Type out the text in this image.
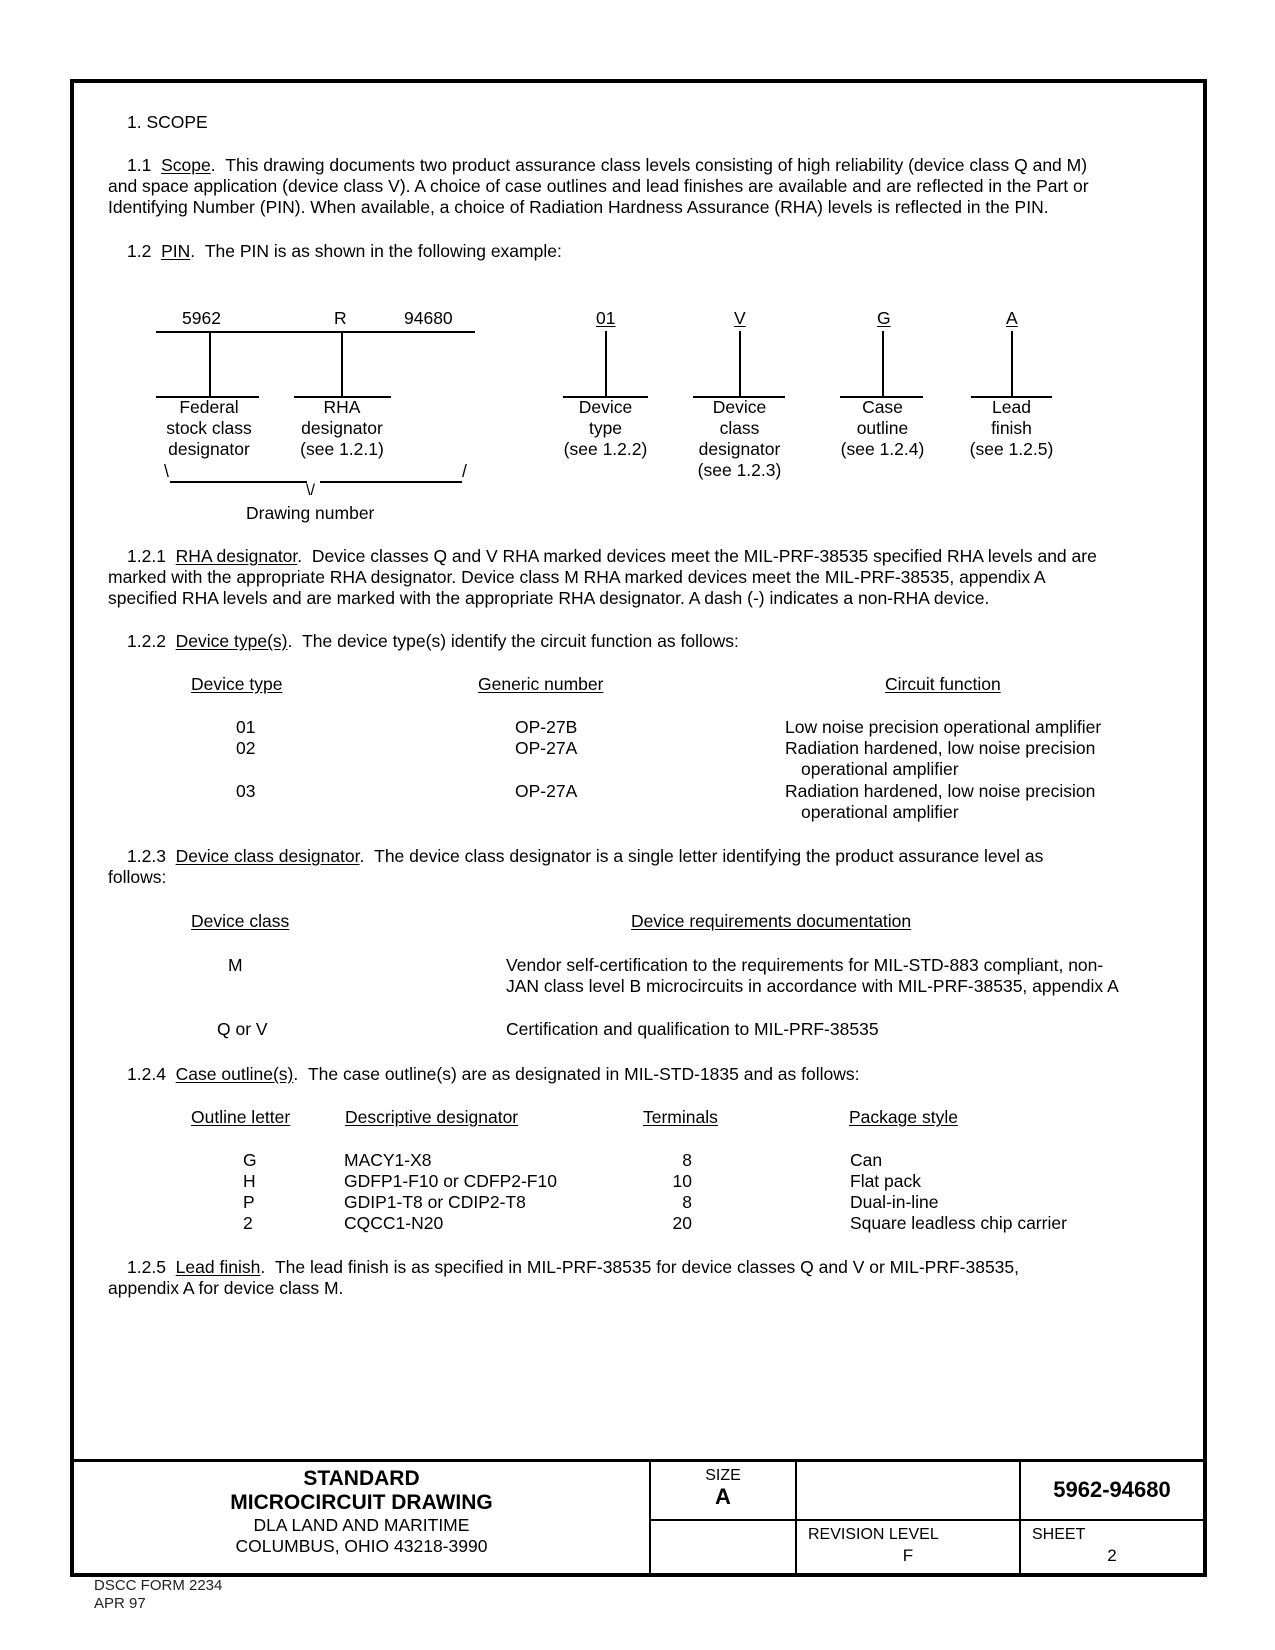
1. SCOPE
1.1 Scope.  This drawing documents two product assurance class levels consisting of high reliability (device class Q and M)
and space application (device class V). A choice of case outlines and lead finishes are available and are reflected in the Part or
Identifying Number (PIN). When available, a choice of Radiation Hardness Assurance (RHA) levels is reflected in the PIN.
1.2 PIN.  The PIN is as shown in the following example:
5962	R	94680	01	V	G	A
Federal
stock class
designator
RHA
designator
(see 1.2.1)
Device
type
(see 1.2.2)
Device
class
designator
(see 1.2.3)
Case
outline
(see 1.2.4)
Lead
finish
(see 1.2.5)
\	/
\/
Drawing number
1.2.1 RHA designator.  Device classes Q and V RHA marked devices meet the MIL-PRF-38535 specified RHA levels and are
marked with the appropriate RHA designator. Device class M RHA marked devices meet the MIL-PRF-38535, appendix A
specified RHA levels and are marked with the appropriate RHA designator. A dash (-) indicates a non-RHA device.
1.2.2 Device type(s).  The device type(s) identify the circuit function as follows:
Device type	Generic number	Circuit function
01	OP-27B	Low noise precision operational amplifier
02	OP-27A	Radiation hardened, low noise precision
operational amplifier
03	OP-27A	Radiation hardened, low noise precision
operational amplifier
1.2.3 Device class designator.  The device class designator is a single letter identifying the product assurance level as
follows:
Device class	Device requirements documentation
M	Vendor self-certification to the requirements for MIL-STD-883 compliant, non-
JAN class level B microcircuits in accordance with MIL-PRF-38535, appendix A
Q or V	Certification and qualification to MIL-PRF-38535
1.2.4 Case outline(s).  The case outline(s) are as designated in MIL-STD-1835 and as follows:
Outline letter	Descriptive designator	Terminals	Package style
G	MACY1-X8	8	Can
H	GDFP1-F10 or CDFP2-F10	10	Flat pack
P	GDIP1-T8 or CDIP2-T8	8	Dual-in-line
2	CQCC1-N20	20	Square leadless chip carrier
1.2.5 Lead finish.  The lead finish is as specified in MIL-PRF-38535 for device classes Q and V or MIL-PRF-38535,
appendix A for device class M.
STANDARD
MICROCIRCUIT DRAWING
DLA LAND AND MARITIME
COLUMBUS, OHIO 43218-3990
SIZE
A	5962-94680
REVISION LEVEL
F
SHEET
2
DSCC FORM 2234
APR 97
